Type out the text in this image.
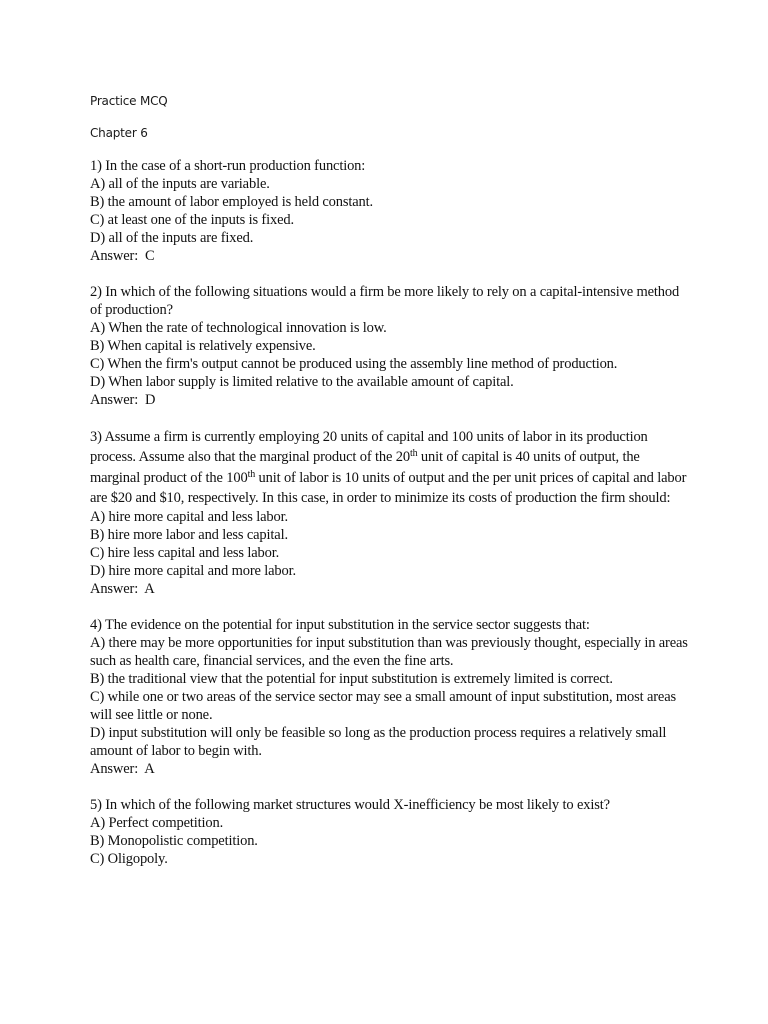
Practice MCQ
Chapter 6
1) In the case of a short-run production function:
A) all of the inputs are variable.
B) the amount of labor employed is held constant.
C) at least one of the inputs is fixed.
D) all of the inputs are fixed.
Answer:  C
2) In which of the following situations would a firm be more likely to rely on a capital-intensive method of production?
A) When the rate of technological innovation is low.
B) When capital is relatively expensive.
C) When the firm's output cannot be produced using the assembly line method of production.
D) When labor supply is limited relative to the available amount of capital.
Answer:  D
3) Assume a firm is currently employing 20 units of capital and 100 units of labor in its production process. Assume also that the marginal product of the 20th unit of capital is 40 units of output, the marginal product of the 100th unit of labor is 10 units of output and the per unit prices of capital and labor are $20 and $10, respectively. In this case, in order to minimize its costs of production the firm should:
A) hire more capital and less labor.
B) hire more labor and less capital.
C) hire less capital and less labor.
D) hire more capital and more labor.
Answer:  A
4) The evidence on the potential for input substitution in the service sector suggests that:
A) there may be more opportunities for input substitution than was previously thought, especially in areas such as health care, financial services, and the even the fine arts.
B) the traditional view that the potential for input substitution is extremely limited is correct.
C) while one or two areas of the service sector may see a small amount of input substitution, most areas will see little or none.
D) input substitution will only be feasible so long as the production process requires a relatively small amount of labor to begin with.
Answer:  A
5) In which of the following market structures would X-inefficiency be most likely to exist?
A) Perfect competition.
B) Monopolistic competition.
C) Oligopoly.
